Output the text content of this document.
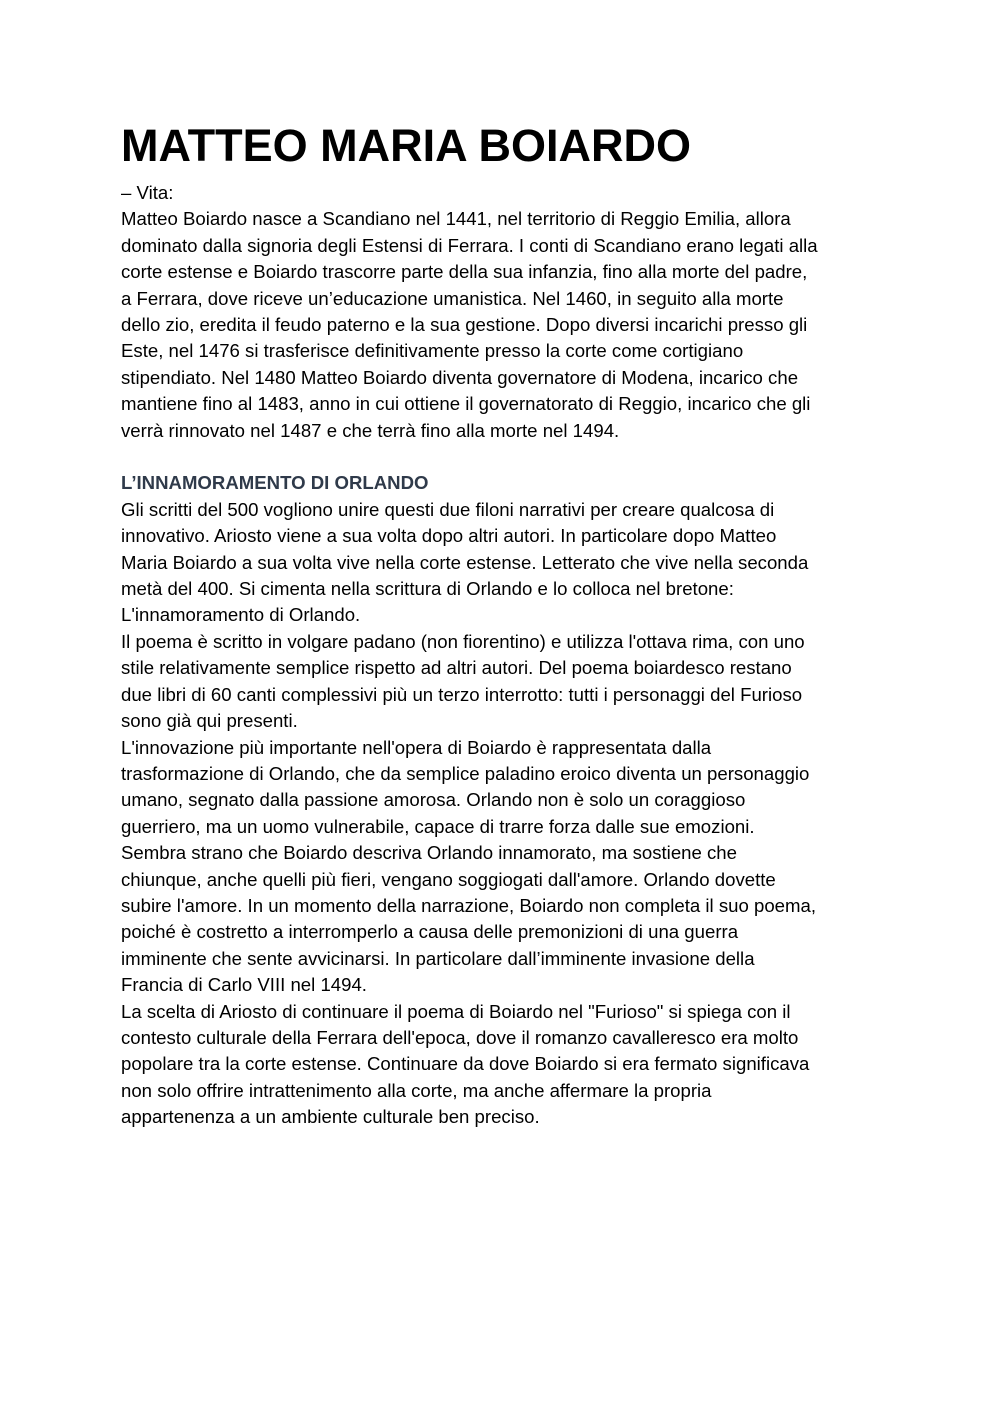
MATTEO MARIA BOIARDO
– Vita:
Matteo Boiardo nasce a Scandiano nel 1441, nel territorio di Reggio Emilia, allora
dominato dalla signoria degli Estensi di Ferrara. I conti di Scandiano erano legati alla
corte estense e Boiardo trascorre parte della sua infanzia, fino alla morte del padre,
a Ferrara, dove riceve un’educazione umanistica. Nel 1460, in seguito alla morte
dello zio, eredita il feudo paterno e la sua gestione. Dopo diversi incarichi presso gli
Este, nel 1476 si trasferisce definitivamente presso la corte come cortigiano
stipendiato. Nel 1480 Matteo Boiardo diventa governatore di Modena, incarico che
mantiene fino al 1483, anno in cui ottiene il governatorato di Reggio, incarico che gli
verrà rinnovato nel 1487 e che terrà fino alla morte nel 1494.
L’INNAMORAMENTO DI ORLANDO
Gli scritti del 500 vogliono unire questi due filoni narrativi per creare qualcosa di
innovativo. Ariosto viene a sua volta dopo altri autori. In particolare dopo Matteo
Maria Boiardo a sua volta vive nella corte estense. Letterato che vive nella seconda
metà del 400. Si cimenta nella scrittura di Orlando e lo colloca nel bretone:
L'innamoramento di Orlando.
Il poema è scritto in volgare padano (non fiorentino) e utilizza l'ottava rima, con uno
stile relativamente semplice rispetto ad altri autori. Del poema boiardesco restano
due libri di 60 canti complessivi più un terzo interrotto: tutti i personaggi del Furioso
sono già qui presenti.
L'innovazione più importante nell'opera di Boiardo è rappresentata dalla
trasformazione di Orlando, che da semplice paladino eroico diventa un personaggio
umano, segnato dalla passione amorosa. Orlando non è solo un coraggioso
guerriero, ma un uomo vulnerabile, capace di trarre forza dalle sue emozioni.
Sembra strano che Boiardo descriva Orlando innamorato, ma sostiene che
chiunque, anche quelli più fieri, vengano soggiogati dall'amore. Orlando dovette
subire l'amore. In un momento della narrazione, Boiardo non completa il suo poema,
poiché è costretto a interromperlo a causa delle premonizioni di una guerra
imminente che sente avvicinarsi. In particolare dall’imminente invasione della
Francia di Carlo VIII nel 1494.
La scelta di Ariosto di continuare il poema di Boiardo nel "Furioso" si spiega con il
contesto culturale della Ferrara dell'epoca, dove il romanzo cavalleresco era molto
popolare tra la corte estense. Continuare da dove Boiardo si era fermato significava
non solo offrire intrattenimento alla corte, ma anche affermare la propria
appartenenza a un ambiente culturale ben preciso.
